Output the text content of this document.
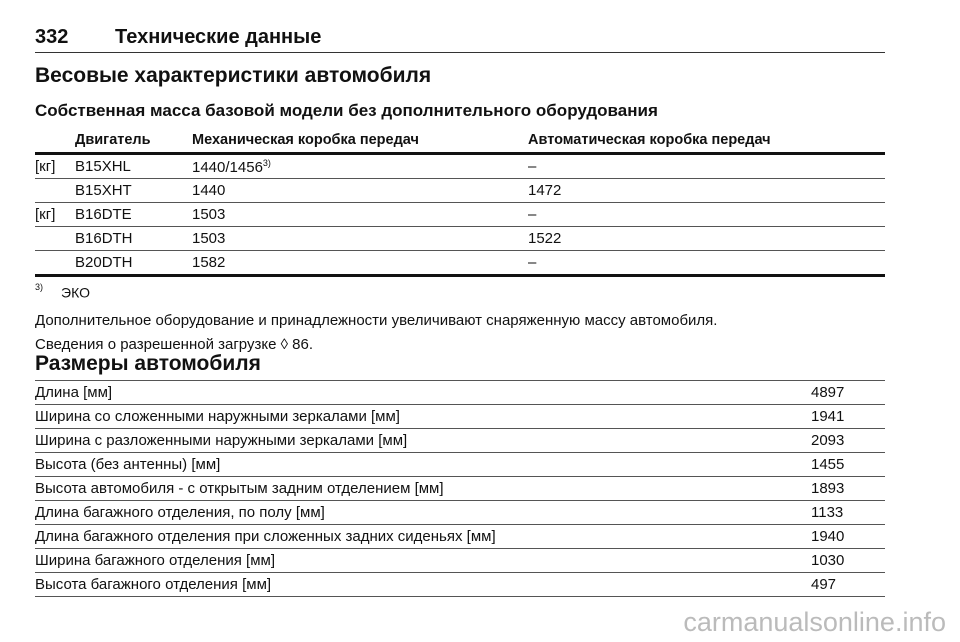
332 Технические данные
Весовые характеристики автомобиля
Собственная масса базовой модели без дополнительного оборудования
Двигатель	Механическая коробка передач	Автоматическая коробка передач
[кг] B15XHL	1440/1456$^{3)}$	–
B15XHT	1440	1472
[кг] B16DTE	1503	–
B16DTH	1503	1522
B20DTH	1582	–
$^{3)}$ ЭКО
Дополнительное оборудование и принадлежности увеличивают снаряженную массу автомобиля.
Сведения о разрешенной загрузке ◊ 86.
Размеры автомобиля
Длина [мм]	4897
Ширина со сложенными наружными зеркалами [мм]	1941
Ширина с разложенными наружными зеркалами [мм]	2093
Высота (без антенны) [мм]	1455
Высота автомобиля - с открытым задним отделением [мм]	1893
Длина багажного отделения, по полу [мм]	1133
Длина багажного отделения при сложенных задних сиденьях [мм]	1940
Ширина багажного отделения [мм]	1030
Высота багажного отделения [мм]	497
carmanualsonline.info
